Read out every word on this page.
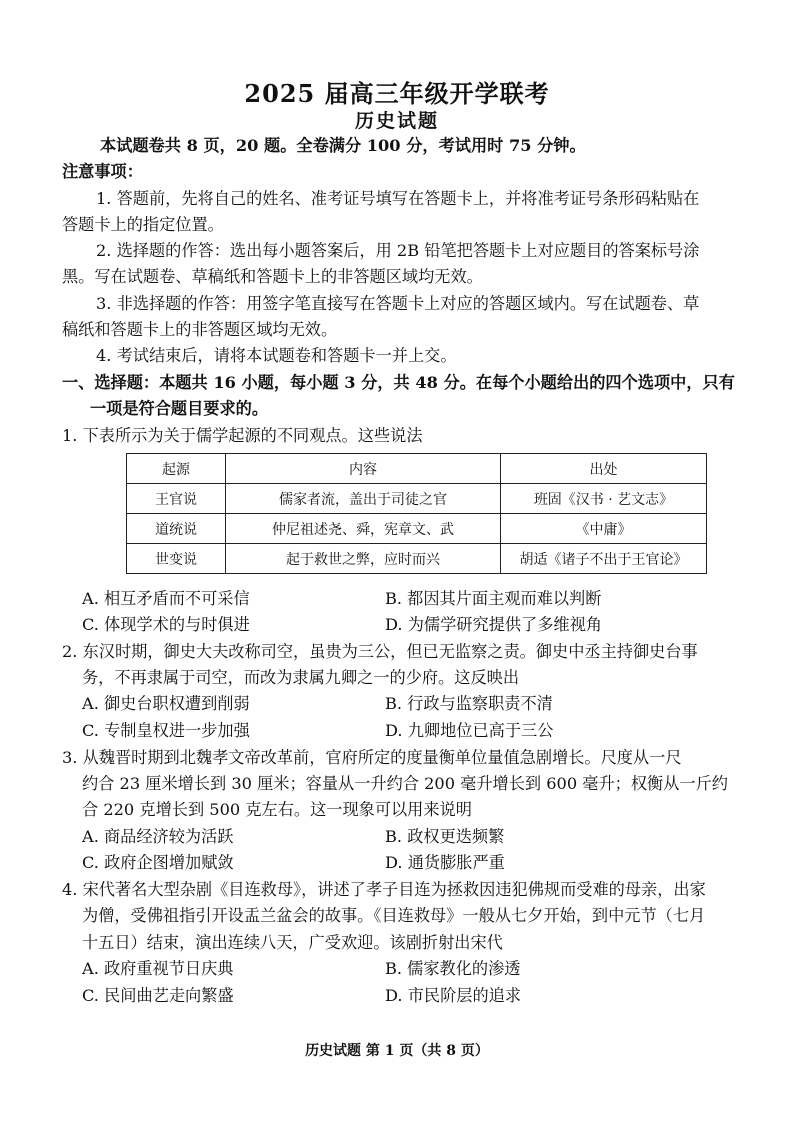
2025 届高三年级开学联考
历史试题
本试题卷共 8 页，20 题。全卷满分 100 分，考试用时 75 分钟。
注意事项：
1. 答题前，先将自己的姓名、准考证号填写在答题卡上，并将准考证号条形码粘贴在
答题卡上的指定位置。
2. 选择题的作答：选出每小题答案后，用 2B 铅笔把答题卡上对应题目的答案标号涂
黑。写在试题卷、草稿纸和答题卡上的非答题区域均无效。
3. 非选择题的作答：用签字笔直接写在答题卡上对应的答题区域内。写在试题卷、草
稿纸和答题卡上的非答题区域均无效。
4. 考试结束后，请将本试题卷和答题卡一并上交。
一、选择题：本题共 16 小题，每小题 3 分，共 48 分。在每个小题给出的四个选项中，只有
一项是符合题目要求的。
1. 下表所示为关于儒学起源的不同观点。这些说法
起源	内容	出处
王官说	儒家者流，盖出于司徒之官	班固《汉书 · 艺文志》
道统说	仲尼祖述尧、舜，宪章文、武	《中庸》
世变说	起于救世之弊，应时而兴	胡适《诸子不出于王官论》
A. 相互矛盾而不可采信	B. 都因其片面主观而难以判断
C. 体现学术的与时俱进	D. 为儒学研究提供了多维视角
2. 东汉时期，御史大夫改称司空，虽贵为三公，但已无监察之责。御史中丞主持御史台事
务，不再隶属于司空，而改为隶属九卿之一的少府。这反映出
A. 御史台职权遭到削弱	B. 行政与监察职责不清
C. 专制皇权进一步加强	D. 九卿地位已高于三公
3. 从魏晋时期到北魏孝文帝改革前，官府所定的度量衡单位量值急剧增长。尺度从一尺
约合 23 厘米增长到 30 厘米；容量从一升约合 200 毫升增长到 600 毫升；权衡从一斤约
合 220 克增长到 500 克左右。这一现象可以用来说明
A. 商品经济较为活跃	B. 政权更迭频繁
C. 政府企图增加赋敛	D. 通货膨胀严重
4. 宋代著名大型杂剧《目连救母》，讲述了孝子目连为拯救因违犯佛规而受难的母亲，出家
为僧，受佛祖指引开设盂兰盆会的故事。《目连救母》一般从七夕开始，到中元节（七月
十五日）结束，演出连续八天，广受欢迎。该剧折射出宋代
A. 政府重视节日庆典	B. 儒家教化的渗透
C. 民间曲艺走向繁盛	D. 市民阶层的追求
历史试题 第 1 页（共 8 页）
